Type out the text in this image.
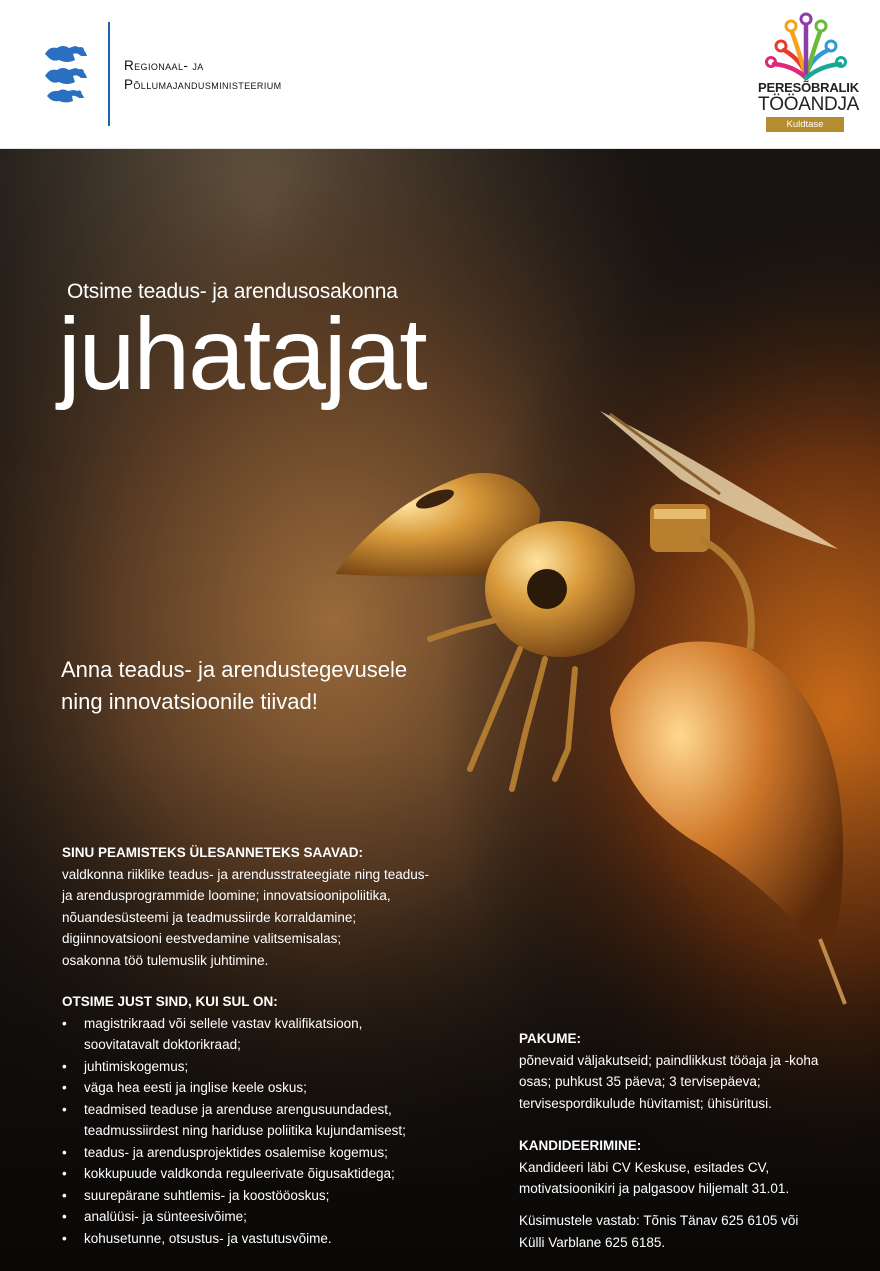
Regionaal- ja
Põllumajandusministeerium	PERESÕBRALIK
TÖÖANDJA
Kuldtase
Otsime teadus- ja arendusosakonna
juhatajat
Anna teadus- ja arendustegevusele
ning innovatsioonile tiivad!
SINU PEAMISTEKS ÜLESANNETEKS SAAVAD:
valdkonna riiklike teadus- ja arendusstrateegiate ning teadus-
ja arendusprogrammide loomine; innovatsioonipoliitika,
nõuandesüsteemi ja teadmussiirde korraldamine;
digiinnovatsiooni eestvedamine valitsemisalas;
osakonna töö tulemuslik juhtimine.
OTSIME JUST SIND, KUI SUL ON:
• magistrikraad või sellele vastav kvalifikatsioon,
soovitatavalt doktorikraad;
• juhtimiskogemus;
• väga hea eesti ja inglise keele oskus;
• teadmised teaduse ja arenduse arengusuundadest,
teadmussiirdest ning hariduse poliitika kujundamisest;
• teadus- ja arendusprojektides osalemise kogemus;
• kokkupuude valdkonda reguleerivate õigusaktidega;
• suurepärane suhtlemis- ja koostööoskus;
• analüüsi- ja sünteesivõime;
• kohusetunne, otsustus- ja vastutusvõime.
PAKUME:
põnevaid väljakutseid; paindlikkust tööaja ja -koha
osas; puhkust 35 päeva; 3 tervisepäeva;
tervisespordikulude hüvitamist; ühisüritusi.
KANDIDEERIMINE:
Kandideeri läbi CV Keskuse, esitades CV,
motivatsioonikiri ja palgasoov hiljemalt 31.01.
Küsimustele vastab: Tõnis Tänav 625 6105 või
Külli Varblane 625 6185.
